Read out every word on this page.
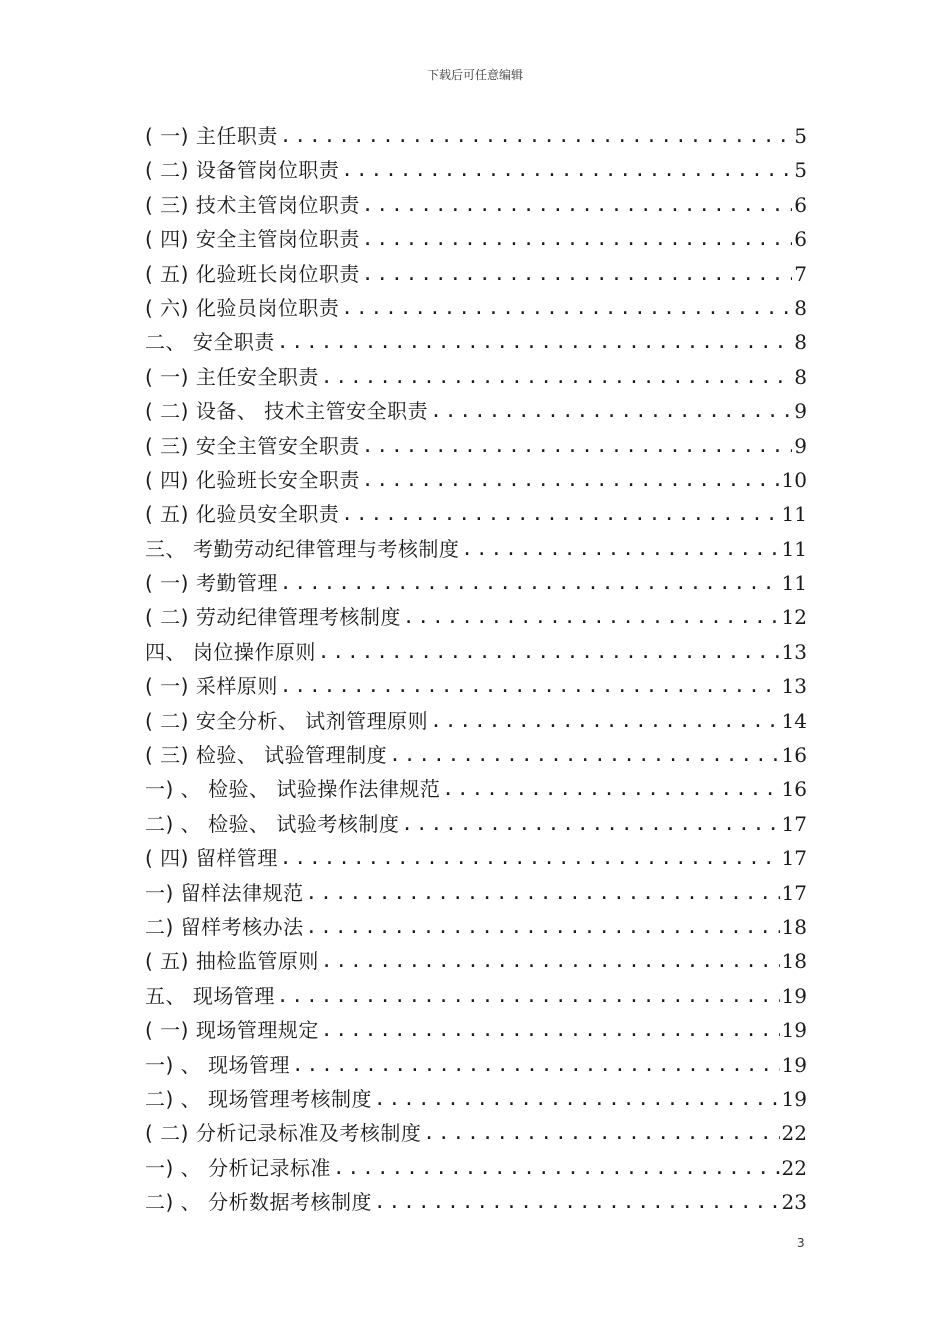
下载后可任意编辑
( 一) 主任职责 .....	5
( 二) 设备管岗位职责 .....	5
( 三) 技术主管岗位职责 .....	6
( 四) 安全主管岗位职责 .....	6
( 五) 化验班长岗位职责 .....	7
( 六) 化验员岗位职责 .....	8
二、 安全职责 .....	8
( 一) 主任安全职责 .....	8
( 二) 设备、 技术主管安全职责 .....	9
( 三) 安全主管安全职责 .....	9
( 四) 化验班长安全职责 .....	10
( 五) 化验员安全职责 .....	11
三、 考勤劳动纪律管理与考核制度 .....	11
( 一) 考勤管理 .....	11
( 二) 劳动纪律管理考核制度 .....	12
四、 岗位操作原则 .....	13
( 一) 采样原则 .....	13
( 二) 安全分析、 试剂管理原则 .....	14
( 三) 检验、 试验管理制度 .....	16
一) 、 检验、 试验操作法律规范 .....	16
二) 、 检验、 试验考核制度 .....	17
( 四) 留样管理 .....	17
一) 留样法律规范 .....	17
二) 留样考核办法 .....	18
( 五) 抽检监管原则 .....	18
五、 现场管理 .....	19
( 一) 现场管理规定 .....	19
一) 、 现场管理 .....	19
二) 、 现场管理考核制度 .....	19
( 二) 分析记录标准及考核制度 .....	22
一) 、 分析记录标准 .....	22
二) 、 分析数据考核制度 .....	23
3
